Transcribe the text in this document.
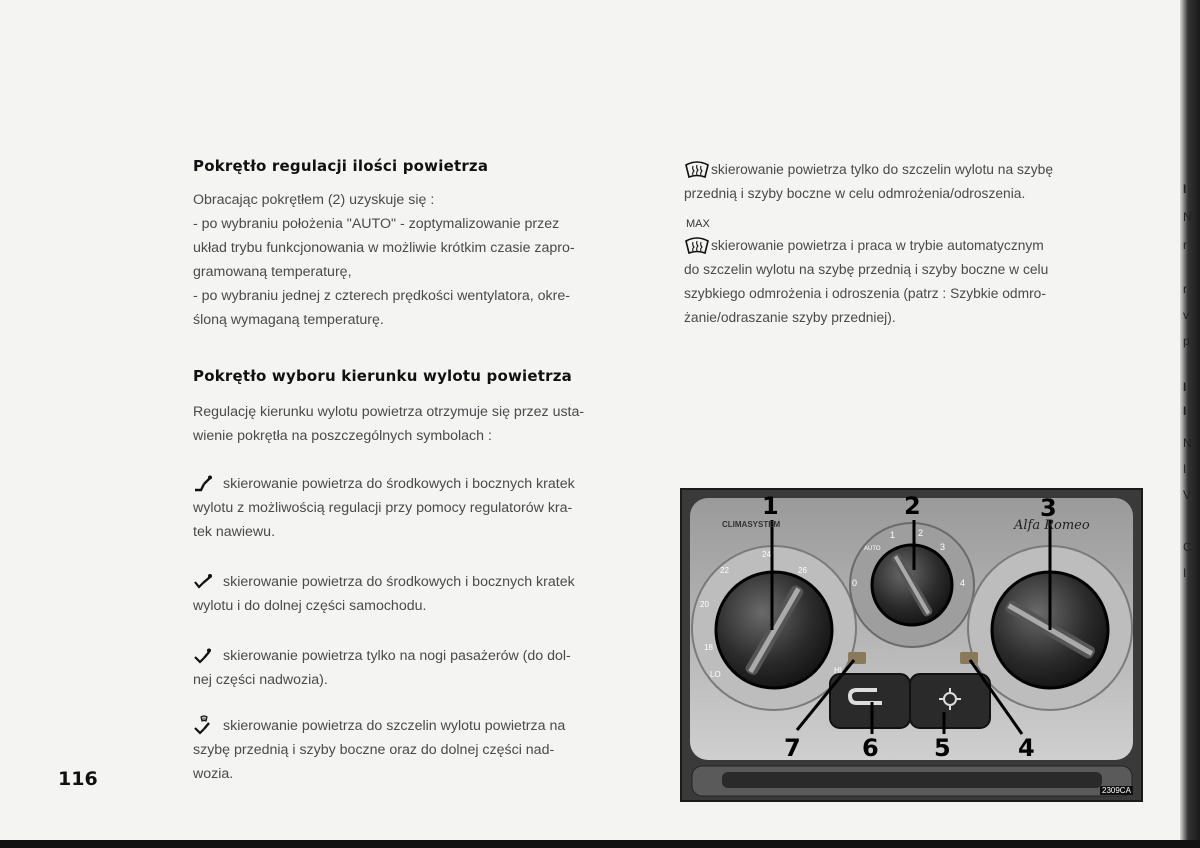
Pokrętło regulacji ilości powietrza

Obracając pokrętłem (2) uzyskuje się :

- po wybraniu położenia "AUTO" - zoptymalizowanie przez

układ trybu funkcjonowania w możliwie krótkim czasie zapro-

gramowaną temperaturę,

- po wybraniu jednej z czterech prędkości wentylatora, okre-

śloną wymaganą temperaturę.

Pokrętło wyboru kierunku wylotu powietrza

Regulację kierunku wylotu powietrza otrzymuje się przez usta-

wienie pokrętła na poszczególnych symbolach :

skierowanie powietrza do środkowych i bocznych kratek

wylotu z możliwością regulacji przy pomocy regulatorów kra-

tek nawiewu.

skierowanie powietrza do środkowych i bocznych kratek

wylotu i do dolnej części samochodu.

skierowanie powietrza tylko na nogi pasażerów (do dol-

nej części nadwozia).

skierowanie powietrza do szczelin wylotu powietrza na

szybę przednią i szyby boczne oraz do dolnej części nad-

wozia.

116

skierowanie powietrza tylko do szczelin wylotu na szybę

przednią i szyby boczne w celu odmrożenia/odroszenia.

MAX

skierowanie powietrza i praca w trybie automatycznym

do szczelin wylotu na szybę przednią i szyby boczne w celu

szybkiego odmrożenia i odroszenia (patrz : Szybkie odmro-

żanie/odraszanie szyby przedniej).

CLIMASYSTEM	Alfa Romeo
LO
18
20
22
24
26
HI
AUTO
0
1	2
3
4
2309CA
1	2	3
4
5
6
7
I
N
r
r
v
p
I
I
N
I
V
C
I
